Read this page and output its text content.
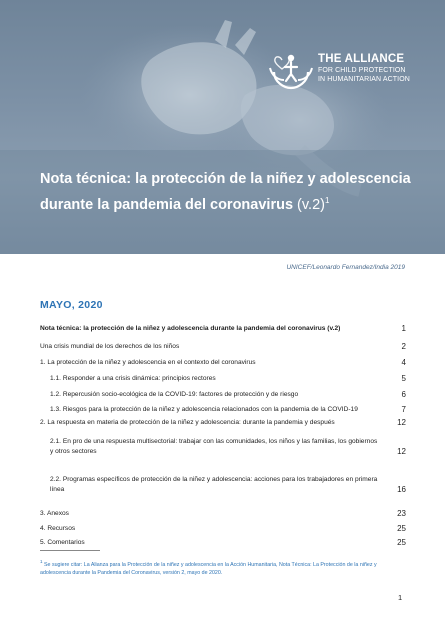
THE ALLIANCE
FOR CHILD PROTECTION
IN HUMANITARIAN ACTION
Nota técnica: la protección de la niñez y adolescencia
durante la pandemia del coronavirus $(v.2)^1$
UNICEF/Leonardo Fernandez/India 2019
MAYO, 2020
Nota técnica: la protección de la niñez y adolescencia durante la pandemia del coronavirus (v.2)	1
Una crisis mundial de los derechos de los niños	2
1. La protección de la niñez y adolescencia en el contexto del coronavirus	4
1.1. Responder a una crisis dinámica: principios rectores	5
1.2. Repercusión socio-ecológica de la COVID-19: factores de protección y de riesgo	6
1.3. Riesgos para la protección de la niñez y adolescencia relacionados con la pandemia de la COVID-19	7
2. La respuesta en materia de protección de la niñez y adolescencia: durante la pandemia y después	12
2.1. En pro de una respuesta multisectorial: trabajar con las comunidades, los niños y las familias, los gobiernos y otros sectores	12
2.2. Programas específicos de protección de la niñez y adolescencia: acciones para los trabajadores en primera línea	16
3. Anexos	23
4. Recursos	25
5. Comentarios	25
$^1$ Se sugiere citar: La Alianza para la Protección de la niñez y adolescencia en la Acción Humanitaria, Nota Técnica: La Protección de la niñez y adolescencia durante la Pandemia del Coronavirus, versión 2, mayo de 2020.
1
